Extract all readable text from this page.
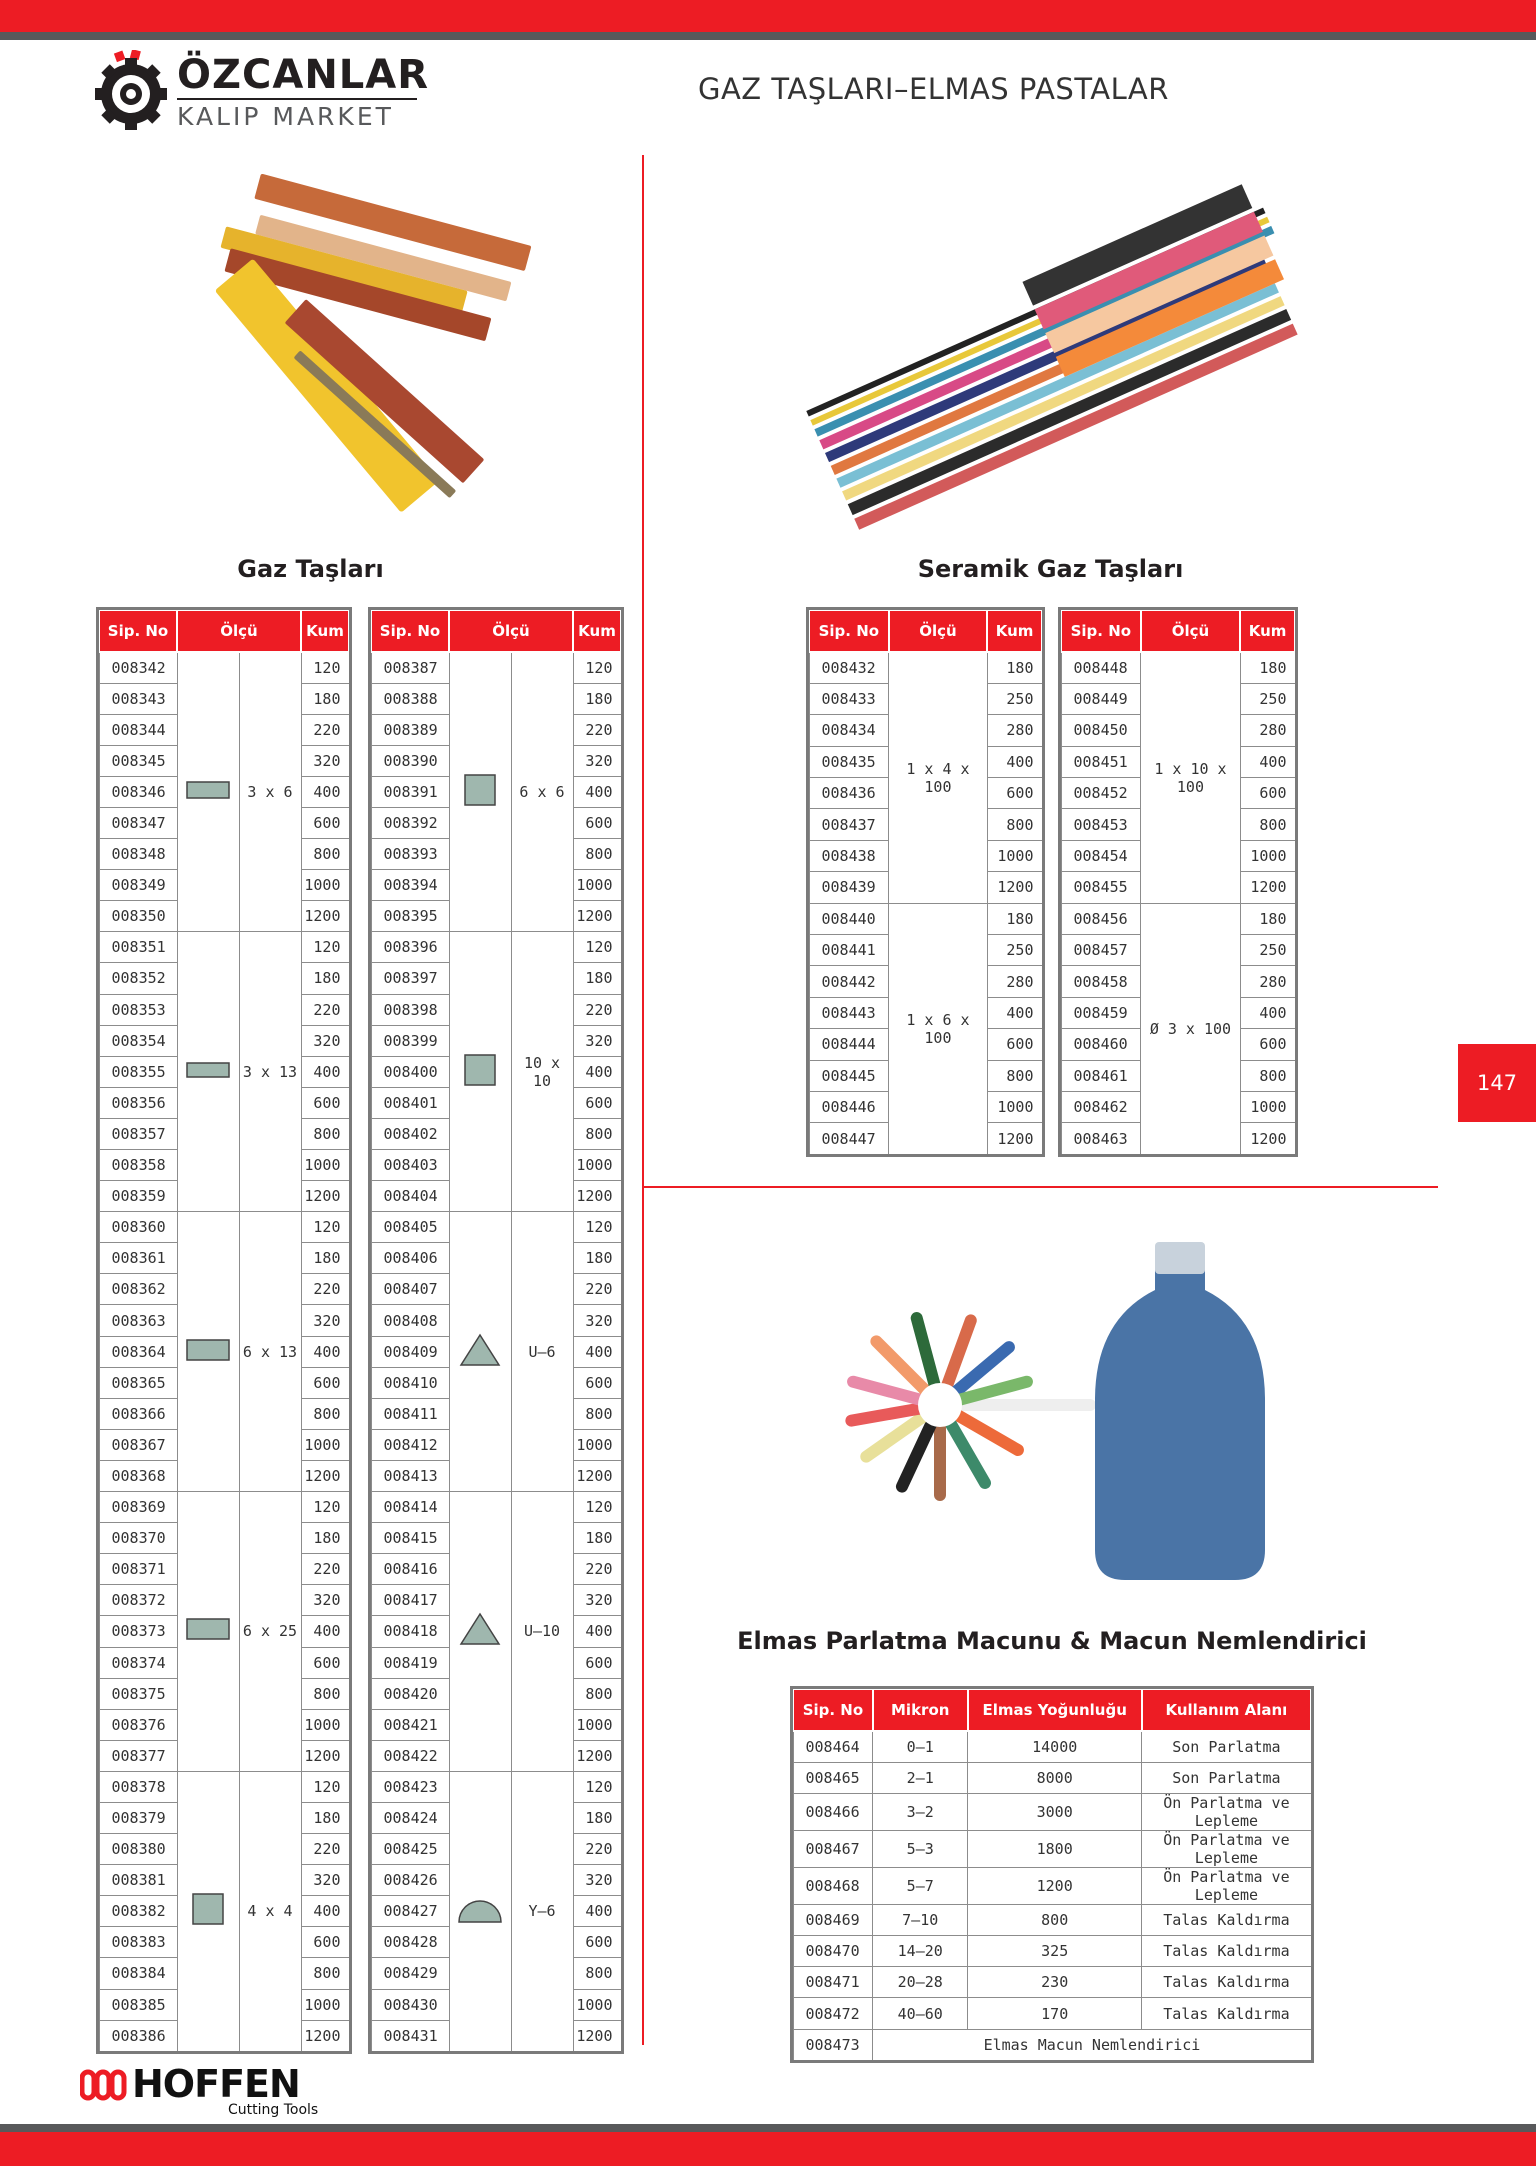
ÖZCANLAR
KALIP MARKET
GAZ TAŞLARI–ELMAS PASTALAR
147
Gaz Taşları	Seramik Gaz Taşları
Elmas Parlatma Macunu & Macun Nemlendirici
Sip. No	Ölçü		Kum
008342		3 x 6	120
008343			180
008344			220
008345			320
008346			400
008347			600
008348			800
008349			1000
008350			1200
008351		3 x 13	120
008352			180
008353			220
008354			320
008355			400
008356			600
008357			800
008358			1000
008359			1200
008360		6 x 13	120
008361			180
008362			220
008363			320
008364			400
008365			600
008366			800
008367			1000
008368			1200
008369		6 x 25	120
008370			180
008371			220
008372			320
008373			400
008374			600
008375			800
008376			1000
008377			1200
008378		4 x 4	120
008379			180
008380			220
008381			320
008382			400
008383			600
008384			800
008385			1000
008386			1200
Sip. No	Ölçü		Kum
008387		6 x 6	120
008388			180
008389			220
008390			320
008391			400
008392			600
008393			800
008394			1000
008395			1200
008396		10 x 10	120
008397			180
008398			220
008399			320
008400			400
008401			600
008402			800
008403			1000
008404			1200
008405		U–6	120
008406			180
008407			220
008408			320
008409			400
008410			600
008411			800
008412			1000
008413			1200
008414		U–10	120
008415			180
008416			220
008417			320
008418			400
008419			600
008420			800
008421			1000
008422			1200
008423		Y–6	120
008424			180
008425			220
008426			320
008427			400
008428			600
008429			800
008430			1000
008431			1200
Sip. No	Ölçü	Kum
008432	1 x 4 x 100	180
008433		250
008434		280
008435		400
008436		600
008437		800
008438		1000
008439		1200
008440	1 x 6 x 100	180
008441		250
008442		280
008443		400
008444		600
008445		800
008446		1000
008447		1200
Sip. No	Ölçü	Kum
008448	1 x 10 x 100	180
008449		250
008450		280
008451		400
008452		600
008453		800
008454		1000
008455		1200
008456	Ø 3 x 100	180
008457		250
008458		280
008459		400
008460		600
008461		800
008462		1000
008463		1200
Sip. No	Mikron	Elmas Yoğunluğu	Kullanım Alanı
008464	0–1	14000	Son Parlatma
008465	2–1	8000	Son Parlatma
008466	3–2	3000	Ön Parlatma ve Lepleme
008467	5–3	1800	Ön Parlatma ve Lepleme
008468	5–7	1200	Ön Parlatma ve Lepleme
008469	7–10	800	Talas Kaldırma
008470	14–20	325	Talas Kaldırma
008471	20–28	230	Talas Kaldırma
008472	40–60	170	Talas Kaldırma
008473	Elmas Macun Nemlendirici		
HOFFEN
Cutting Tools
